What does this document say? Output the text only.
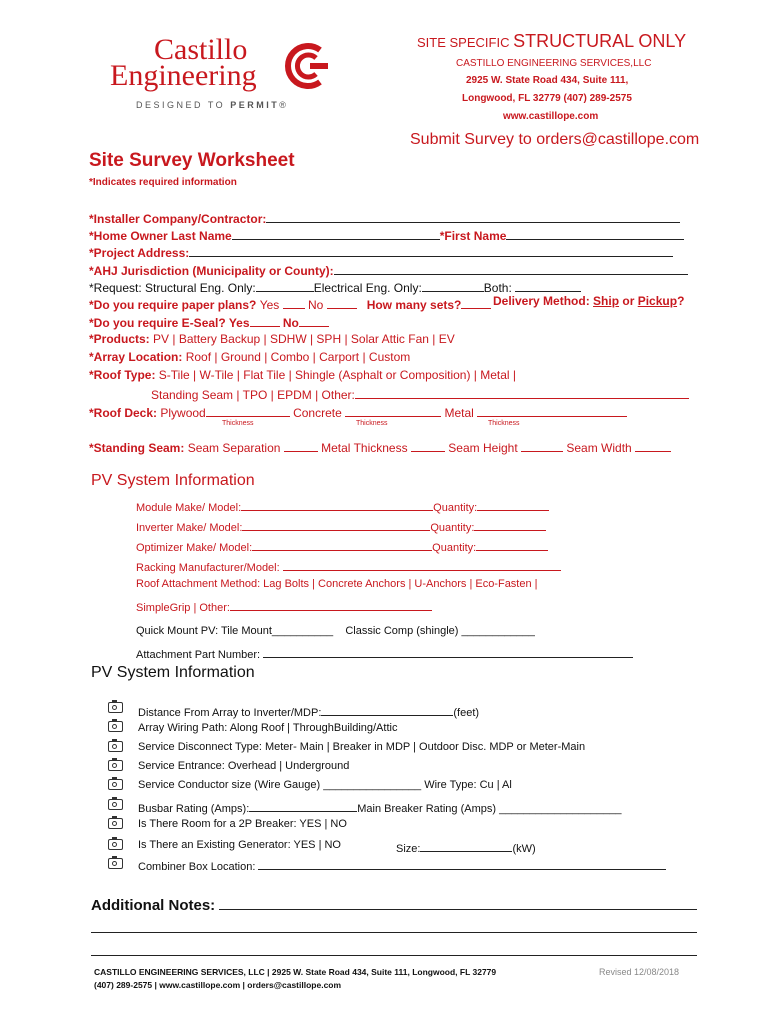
Castillo
Engineering
DESIGNED TO PERMIT®
SITE SPECIFIC STRUCTURAL ONLY
CASTILLO ENGINEERING SERVICES,LLC
2925 W. State Road 434, Suite 111,
Longwood, FL 32779 (407) 289-2575
www.castillope.com
Submit Survey to orders@castillope.com
Site Survey Worksheet
*Indicates required information
*Installer Company/Contractor:
*Home Owner Last Name	*First Name
*Project Address:
*AHJ Jurisdiction (Municipality or County):
*Request: Structural Eng. Only:	Electrical Eng. Only:	Both:
*Do you require paper plans? Yes No	How many sets?	Delivery Method: Ship or Pickup?
*Do you require E-Seal? Yes	No
*Products: PV | Battery Backup | SDHW | SPH | Solar Attic Fan | EV
*Array Location: Roof | Ground | Combo | Carport | Custom
*Roof Type: S-Tile | W-Tile | Flat Tile | Shingle (Asphalt or Composition) | Metal |
Standing Seam | TPO | EPDM | Other:
*Roof Deck: Plywood	Concrete	Metal
Thickness	Thickness	Thickness
*Standing Seam: Seam Separation	Metal Thickness	Seam Height	Seam Width
PV System Information
Module Make/ Model:	Quantity:
Inverter Make/ Model:	Quantity:
Optimizer Make/ Model:	Quantity:
Racking Manufacturer/Model:
Roof Attachment Method: Lag Bolts | Concrete Anchors | U-Anchors | Eco-Fasten |
SimpleGrip | Other:
Quick Mount PV: Tile Mount__________ Classic Comp (shingle) ____________
Attachment Part Number:
PV System Information
Distance From Array to Inverter/MDP:	(feet)
Array Wiring Path: Along Roof | ThroughBuilding/Attic
Service Disconnect Type: Meter- Main | Breaker in MDP | Outdoor Disc. MDP or Meter-Main
Service Entrance: Overhead | Underground
Service Conductor size (Wire Gauge) ________________ Wire Type: Cu | Al
Busbar Rating (Amps):	Main Breaker Rating (Amps) ____________________
Is There Room for a 2P Breaker: YES | NO
Is There an Existing Generator: YES | NO	Size:	(kW)
Combiner Box Location:
Additional Notes:
CASTILLO ENGINEERING SERVICES, LLC | 2925 W. State Road 434, Suite 111, Longwood, FL 32779
(407) 289-2575 | www.castillope.com | orders@castillope.com
Revised 12/08/2018
